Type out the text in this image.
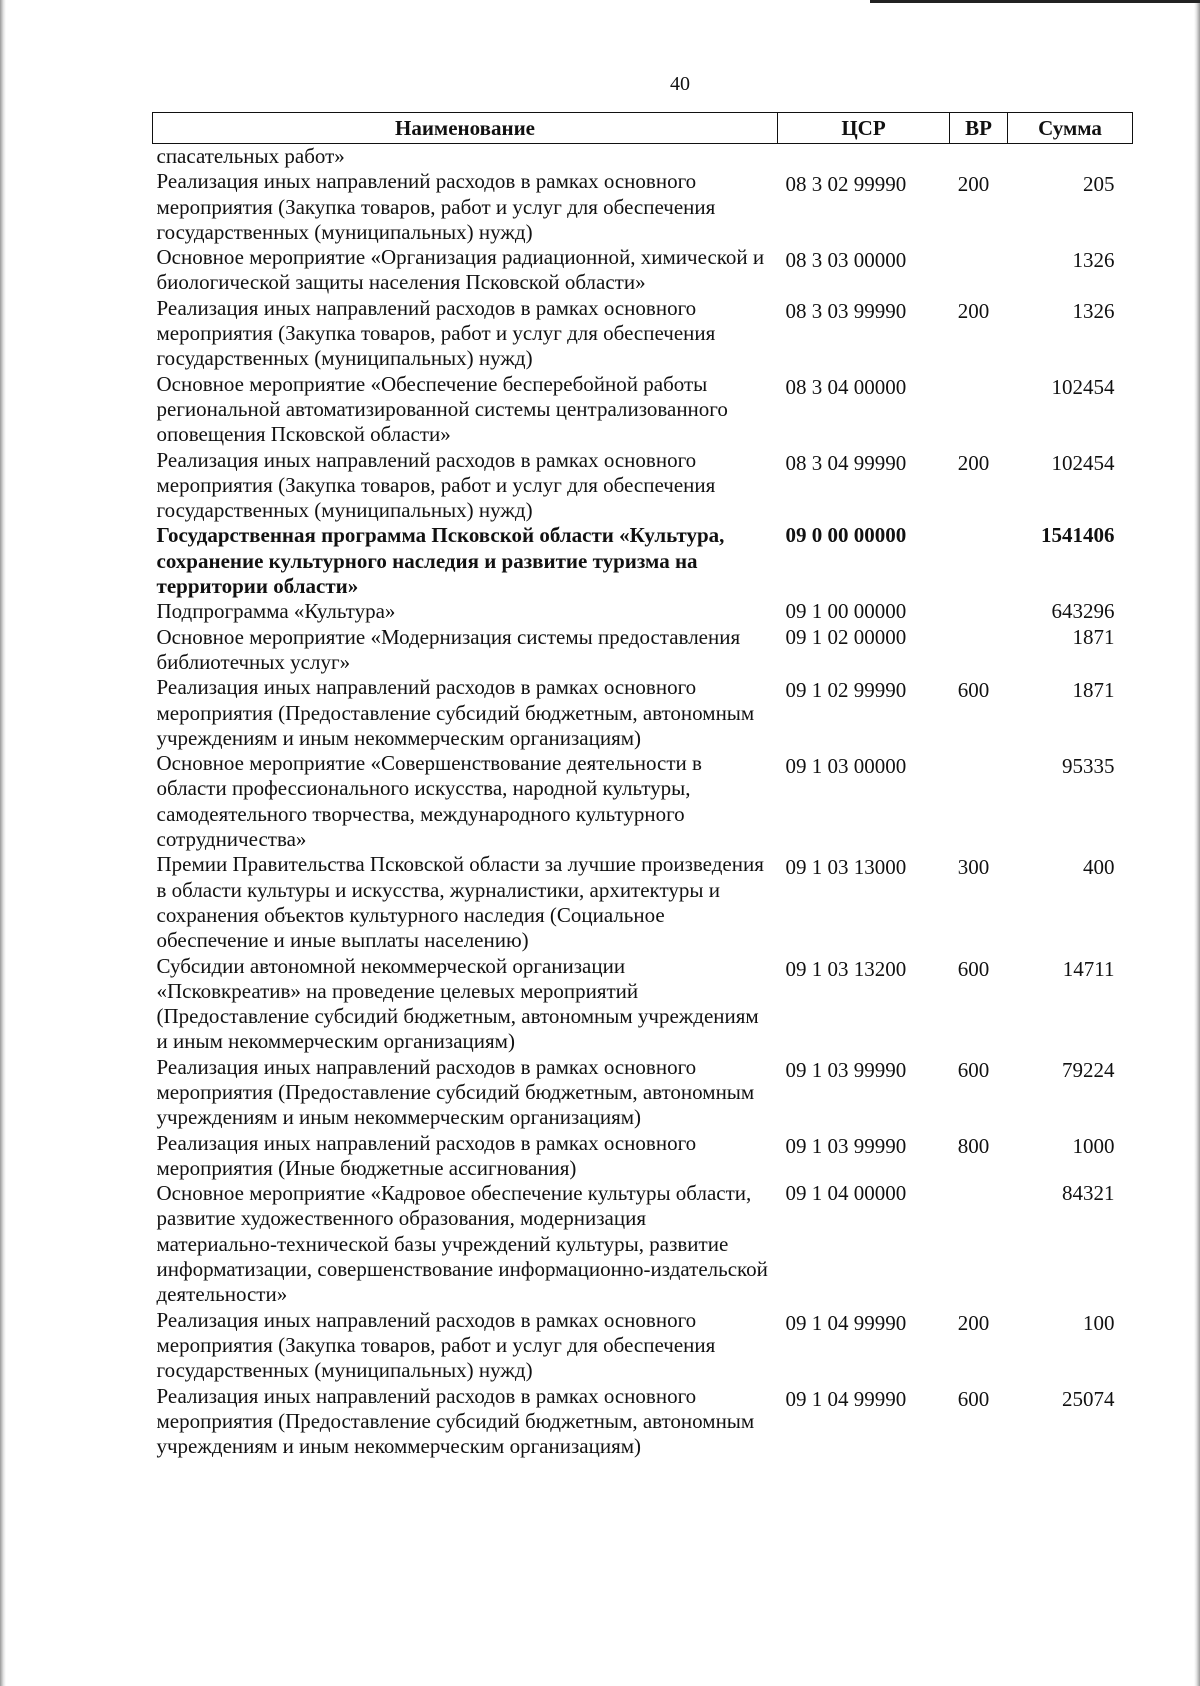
40
Наименование	ЦСР	ВР	Сумма
спасательных работ»			
Реализация иных направлений расходов в рамках основного мероприятия (Закупка товаров, работ и услуг для обеспечения государственных (муниципальных) нужд)	08 3 02 99990	200	205
Основное мероприятие «Организация радиационной, химической и биологической защиты населения Псковской области»	08 3 03 00000		1326
Реализация иных направлений расходов в рамках основного мероприятия (Закупка товаров, работ и услуг для обеспечения государственных (муниципальных) нужд)	08 3 03 99990	200	1326
Основное мероприятие «Обеспечение бесперебойной работы региональной автоматизированной системы централизованного оповещения Псковской области»	08 3 04 00000		102454
Реализация иных направлений расходов в рамках основного мероприятия (Закупка товаров, работ и услуг для обеспечения государственных (муниципальных) нужд)	08 3 04 99990	200	102454
Государственная программа Псковской области «Культура, сохранение культурного наследия и развитие туризма на территории области»	09 0 00 00000		1541406
Подпрограмма «Культура»	09 1 00 00000		643296
Основное мероприятие «Модернизация системы предоставления библиотечных услуг»	09 1 02 00000		1871
Реализация иных направлений расходов в рамках основного мероприятия (Предоставление субсидий бюджетным, автономным учреждениям и иным некоммерческим организациям)	09 1 02 99990	600	1871
Основное мероприятие «Совершенствование деятельности в области профессионального искусства, народной культуры, самодеятельного творчества, международного культурного сотрудничества»	09 1 03 00000		95335
Премии Правительства Псковской области за лучшие произведения в области культуры и искусства, журналистики, архитектуры и сохранения объектов культурного наследия (Социальное обеспечение и иные выплаты населению)	09 1 03 13000	300	400
Субсидии автономной некоммерческой организации «Псковкреатив» на проведение целевых мероприятий (Предоставление субсидий бюджетным, автономным учреждениям и иным некоммерческим организациям)	09 1 03 13200	600	14711
Реализация иных направлений расходов в рамках основного мероприятия (Предоставление субсидий бюджетным, автономным учреждениям и иным некоммерческим организациям)	09 1 03 99990	600	79224
Реализация иных направлений расходов в рамках основного мероприятия (Иные бюджетные ассигнования)	09 1 03 99990	800	1000
Основное мероприятие «Кадровое обеспечение культуры области, развитие художественного образования, модернизация материально-технической базы учреждений культуры, развитие информатизации, совершенствование информационно-издательской деятельности»	09 1 04 00000		84321
Реализация иных направлений расходов в рамках основного мероприятия (Закупка товаров, работ и услуг для обеспечения государственных (муниципальных) нужд)	09 1 04 99990	200	100
Реализация иных направлений расходов в рамках основного мероприятия (Предоставление субсидий бюджетным, автономным учреждениям и иным некоммерческим организациям)	09 1 04 99990	600	25074
